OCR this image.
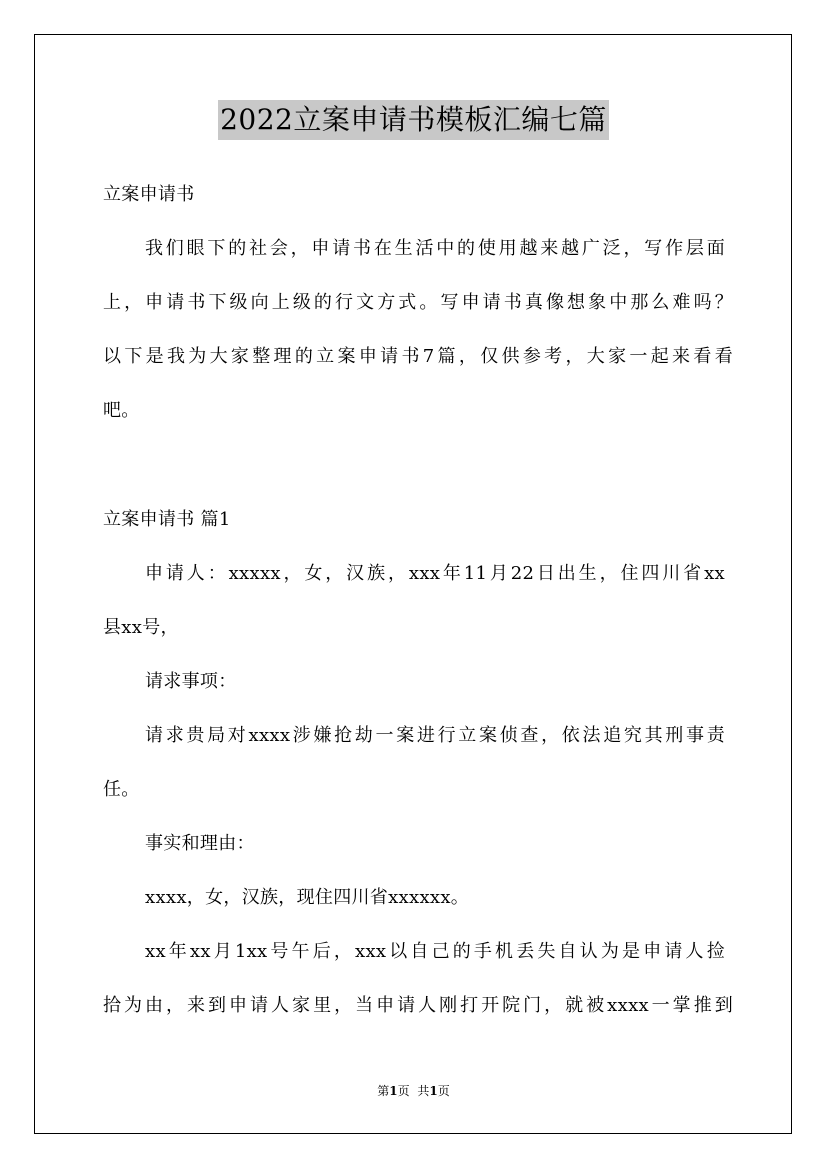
2022立案申请书模板汇编七篇
立案申请书
我们眼下的社会，申请书在生活中的使用越来越广泛，写作层面
上，申请书下级向上级的行文方式。写申请书真像想象中那么难吗？
以下是我为大家整理的立案申请书7篇，仅供参考，大家一起来看看
吧。
立案申请书 篇1
申请人：xxxxx，女，汉族，xxx年11月22日出生，住四川省xx
县xx号，
请求事项：
请求贵局对xxxx涉嫌抢劫一案进行立案侦查，依法追究其刑事责
任。
事实和理由：
xxxx，女，汉族，现住四川省xxxxxx。
xx年xx月1xx号午后，xxx以自己的手机丢失自认为是申请人捡
拾为由，来到申请人家里，当申请人刚打开院门，就被xxxx一掌推到
第1页 共1页
